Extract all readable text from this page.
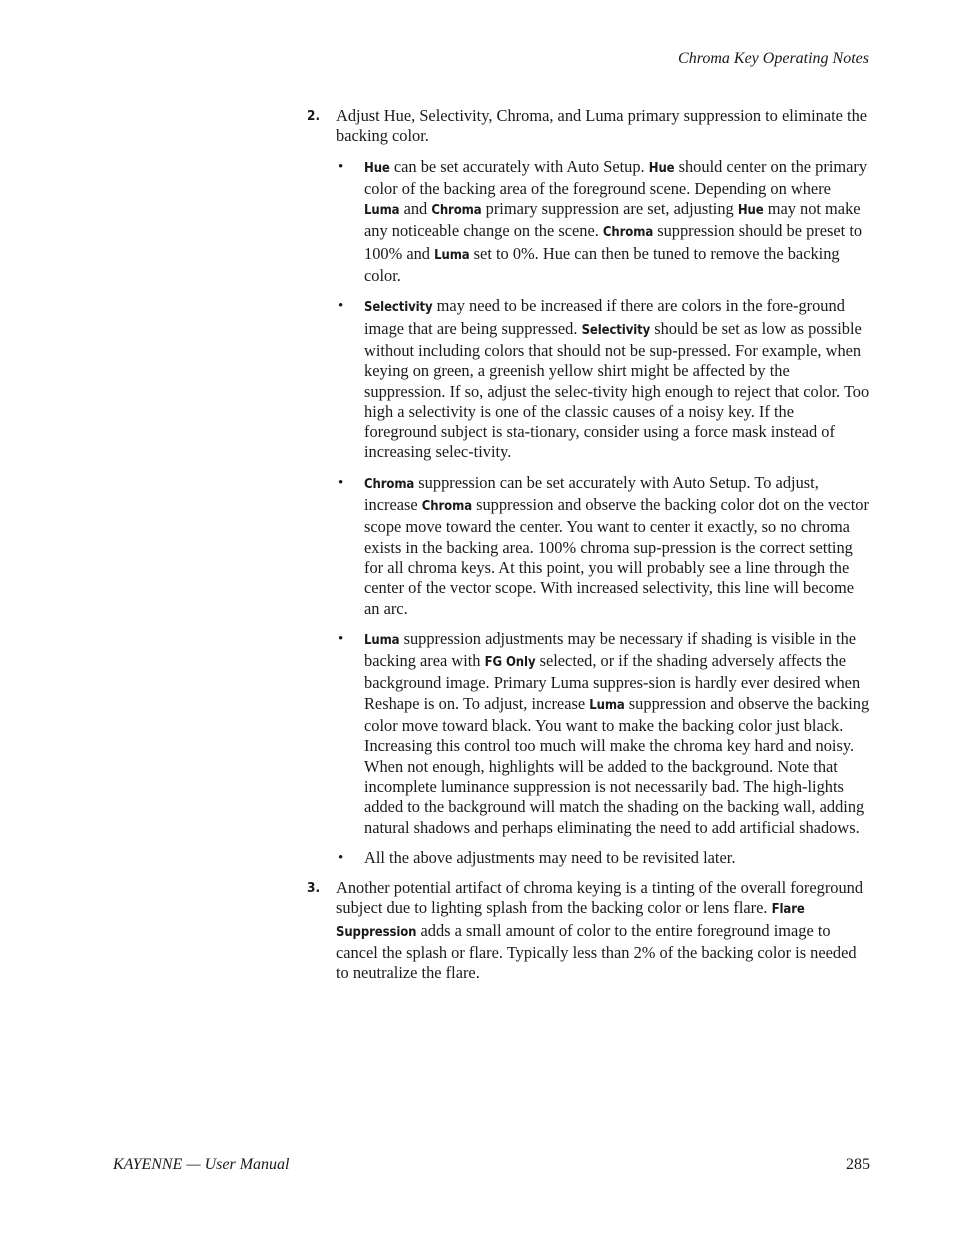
Chroma Key Operating Notes
2. Adjust Hue, Selectivity, Chroma, and Luma primary suppression to eliminate the backing color.
• Hue can be set accurately with Auto Setup. Hue should center on the primary color of the backing area of the foreground scene. Depending on where Luma and Chroma primary suppression are set, adjusting Hue may not make any noticeable change on the scene. Chroma suppression should be preset to 100% and Luma set to 0%. Hue can then be tuned to remove the backing color.
• Selectivity may need to be increased if there are colors in the fore-ground image that are being suppressed. Selectivity should be set as low as possible without including colors that should not be sup-pressed. For example, when keying on green, a greenish yellow shirt might be affected by the suppression. If so, adjust the selec-tivity high enough to reject that color. Too high a selectivity is one of the classic causes of a noisy key. If the foreground subject is sta-tionary, consider using a force mask instead of increasing selec-tivity.
• Chroma suppression can be set accurately with Auto Setup. To adjust, increase Chroma suppression and observe the backing color dot on the vector scope move toward the center. You want to center it exactly, so no chroma exists in the backing area. 100% chroma sup-pression is the correct setting for all chroma keys. At this point, you will probably see a line through the center of the vector scope. With increased selectivity, this line will become an arc.
• Luma suppression adjustments may be necessary if shading is visible in the backing area with FG Only selected, or if the shading adversely affects the background image. Primary Luma suppres-sion is hardly ever desired when Reshape is on. To adjust, increase Luma suppression and observe the backing color move toward black. You want to make the backing color just black. Increasing this control too much will make the chroma key hard and noisy. When not enough, highlights will be added to the background. Note that incomplete luminance suppression is not necessarily bad. The high-lights added to the background will match the shading on the backing wall, adding natural shadows and perhaps eliminating the need to add artificial shadows.
• All the above adjustments may need to be revisited later.
3. Another potential artifact of chroma keying is a tinting of the overall foreground subject due to lighting splash from the backing color or lens flare. Flare Suppression adds a small amount of color to the entire foreground image to cancel the splash or flare. Typically less than 2% of the backing color is needed to neutralize the flare.
KAYENNE — User Manual	285
